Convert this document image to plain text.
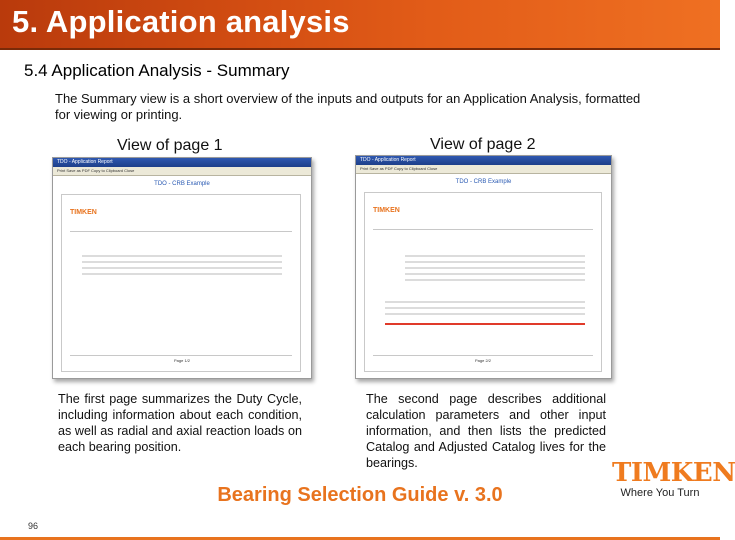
5. Application analysis
5.4 Application Analysis - Summary
The Summary view is a short overview of the inputs and outputs for an Application Analysis, formatted for viewing or printing.
View of page 1
TDO - Application Report
Print Save as PDF Copy to Clipboard Close
TDO - CRB Example
TIMKEN
Page 1/2
View of page 2
TDO - Application Report
Print Save as PDF Copy to Clipboard Close
TDO - CRB Example
TIMKEN
Page 2/2
The first page summarizes the Duty Cycle, including information about each condition, as well as radial and axial reaction loads on each bearing position.
The second page describes additional calculation parameters and other input information, and then lists the predicted Catalog and Adjusted Catalog lives for the bearings.	TIMKEN
Where You Turn
Bearing Selection Guide v. 3.0
96
